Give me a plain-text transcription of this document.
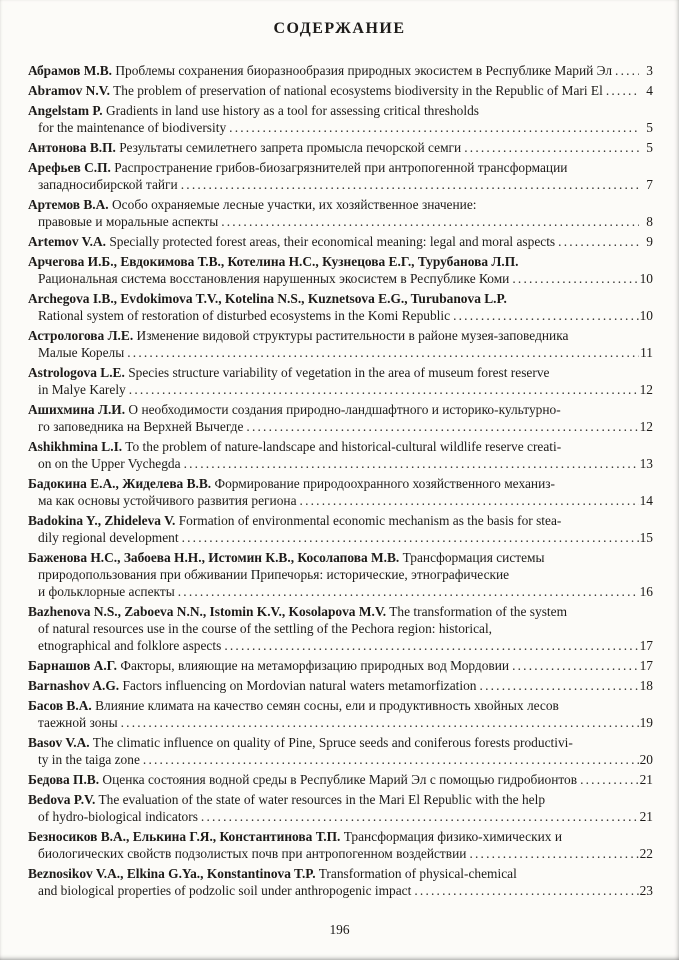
СОДЕРЖАНИЕ
Абрамов М.В. Проблемы сохранения биоразнообразия природных экосистем в Республике Марий Эл .....	3
Abramov N.V. The problem of preservation of national ecosystems biodiversity in the Republic of Mari El .....	4
Angelstam P. Gradients in land use history as a tool for assessing critical thresholds
for the maintenance of biodiversity .....	5
Антонова В.П. Результаты семилетнего запрета промысла печорской семги .....	5
Арефьев С.П. Распространение грибов-биозагрязнителей при антропогенной трансформации
западносибирской тайги .....	7
Артемов В.А. Особо охраняемые лесные участки, их хозяйственное значение:
правовые и моральные аспекты .....	8
Artemov V.A. Specially protected forest areas, their economical meaning: legal and moral aspects .....	9
Арчегова И.Б., Евдокимова Т.В., Котелина Н.С., Кузнецова Е.Г., Турубанова Л.П.
Рациональная система восстановления нарушенных экосистем в Республике Коми .....	10
Archegova I.B., Evdokimova T.V., Kotelina N.S., Kuznetsova E.G., Turubanova L.P.
Rational system of restoration of disturbed ecosystems in the Komi Republic .....	10
Астрологова Л.Е. Изменение видовой структуры растительности в районе музея-заповедника
Малые Корелы .....	11
Astrologova L.E. Species structure variability of vegetation in the area of museum forest reserve
in Malye Karely .....	12
Ашихмина Л.И. О необходимости создания природно-ландшафтного и историко-культурно-
го заповедника на Верхней Вычегде .....	12
Ashikhmina L.I. To the problem of nature-landscape and historical-cultural wildlife reserve creati-
on on the Upper Vychegda .....	13
Бадокина Е.А., Жиделева В.В. Формирование природоохранного хозяйственного механиз-
ма как основы устойчивого развития региона .....	14
Badokina Y., Zhideleva V. Formation of environmental economic mechanism as the basis for stea-
dily regional development .....	15
Баженова Н.С., Забоева Н.Н., Истомин К.В., Косолапова М.В. Трансформация системы
природопользования при обживании Припечорья: исторические, этнографические
и фольклорные аспекты .....	16
Bazhenova N.S., Zaboeva N.N., Istomin K.V., Kosolapova M.V. The transformation of the system
of natural resources use in the course of the settling of the Pechora region: historical,
etnographical and folklore aspects .....	17
Барнашов А.Г. Факторы, влияющие на метаморфизацию природных вод Мордовии .....	17
Barnashov A.G. Factors influencing on Mordovian natural waters metamorfization .....	18
Басов В.А. Влияние климата на качество семян сосны, ели и продуктивность хвойных лесов
таежной зоны .....	19
Basov V.A. The climatic influence on quality of Pine, Spruce seeds and coniferous forests productivi-
ty in the taiga zone .....	20
Бедова П.В. Оценка состояния водной среды в Республике Марий Эл с помощью гидробионтов .....	21
Bedova P.V. The evaluation of the state of water resources in the Mari El Republic with the help
of hydro-biological indicators .....	21
Безносиков В.А., Елькина Г.Я., Константинова Т.П. Трансформация физико-химических и
биологических свойств подзолистых почв при антропогенном воздействии .....	22
Beznosikov V.A., Elkina G.Ya., Konstantinova T.P. Transformation of physical-chemical
and biological properties of podzolic soil under anthropogenic impact .....	23
196
